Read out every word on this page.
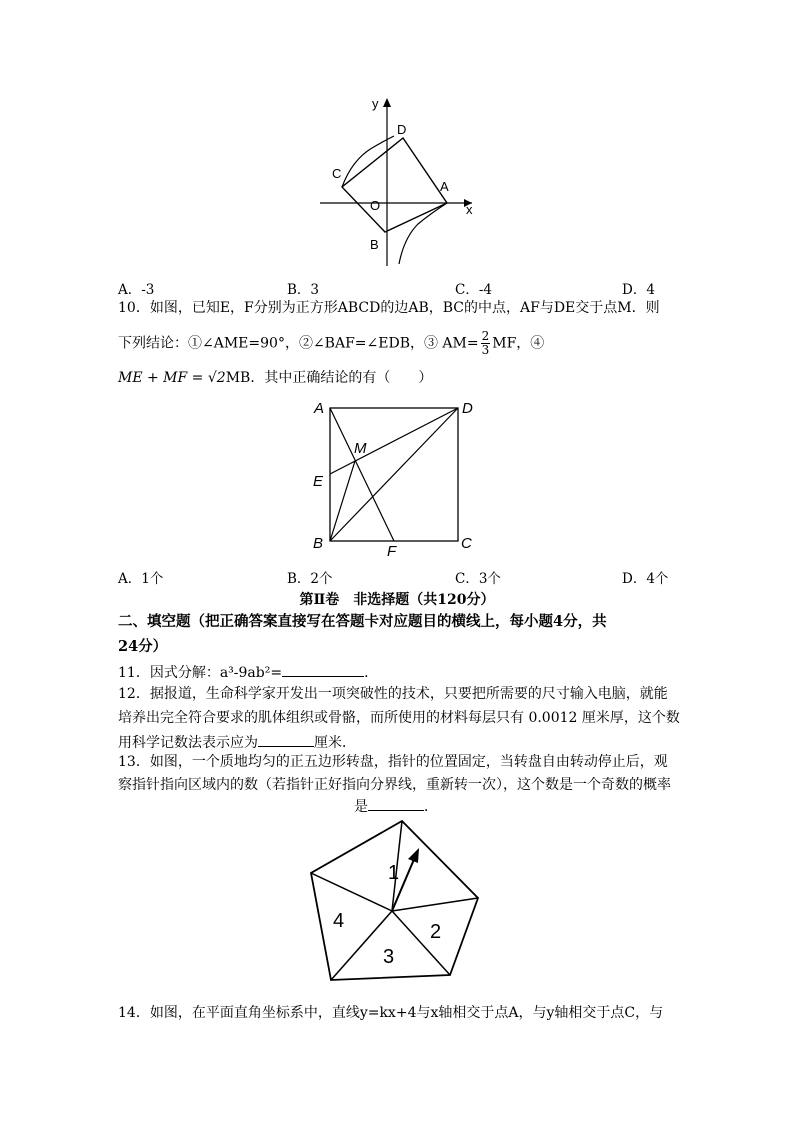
y
x
D
C
A
O
B
A．-3	B．3	C．-4	D．4
10．如图，已知E，F分别为正方形ABCD的边AB，BC的中点，AF与DE交于点M．则
下列结论：①∠AME=90°，②∠BAF=∠EDB，③ $AM= \frac{2}{3}$ MF，④
ME + MF = √2MB．其中正确结论的有（　　）
A	D
M
E
B	F	C
A．1个	B．2个	C．3个	D．4个
第Ⅱ卷　非选择题（共120分）
二、填空题（把正确答案直接写在答题卡对应题目的横线上，每小题4分，共
24分）
11．因式分解：a³-9ab²=	．
12．据报道，生命科学家开发出一项突破性的技术，只要把所需要的尺寸输入电脑，就能
培养出完全符合要求的肌体组织或骨骼，而所使用的材料每层只有 0.0012 厘米厚，这个数
用科学记数法表示应为	厘米．
13．如图，一个质地均匀的正五边形转盘，指针的位置固定，当转盘自由转动停止后，观
察指针指向区域内的数（若指针正好指向分界线，重新转一次），这个数是一个奇数的概率
是	．
1
2
3
4
14．如图，在平面直角坐标系中，直线y=kx+4与x轴相交于点A，与y轴相交于点C，与
